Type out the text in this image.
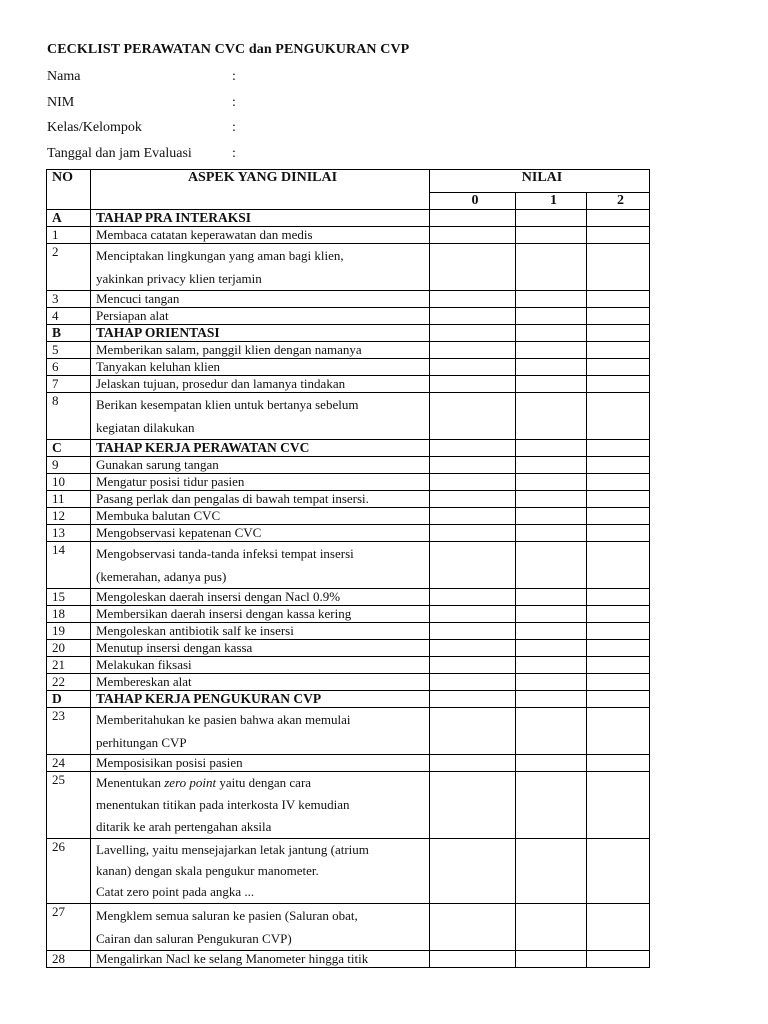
CECKLIST PERAWATAN CVC dan PENGUKURAN CVP
Nama	:
NIM	:
Kelas/Kelompok	:
Tanggal dan jam Evaluasi	:
NO	ASPEK YANG DINILAI	NILAI		
		0	1	2
A	TAHAP PRA INTERAKSI			

1	Membaca catatan keperawatan dan medis			

2	Menciptakan lingkungan yang aman bagi klien,
yakinkan privacy klien terjamin			

3	Mencuci tangan			

4	Persiapan alat			

B	TAHAP ORIENTASI			

5	Memberikan salam, panggil klien dengan namanya			

6	Tanyakan keluhan klien			

7	Jelaskan tujuan, prosedur dan lamanya tindakan			

8	Berikan kesempatan klien untuk bertanya sebelum
kegiatan dilakukan			

C	TAHAP KERJA PERAWATAN CVC			

9	Gunakan sarung tangan			

10	Mengatur posisi tidur pasien			

11	Pasang perlak dan pengalas di bawah tempat insersi.			

12	Membuka balutan CVC			

13	Mengobservasi kepatenan CVC			

14	Mengobservasi tanda-tanda infeksi tempat insersi
(kemerahan, adanya pus)			

15	Mengoleskan daerah insersi dengan Nacl 0.9%			

18	Membersikan daerah insersi dengan kassa kering			

19	Mengoleskan antibiotik salf ke insersi			

20	Menutup insersi dengan kassa			

21	Melakukan fiksasi			

22	Membereskan alat			

D	TAHAP KERJA PENGUKURAN CVP			

23	Memberitahukan ke pasien bahwa akan memulai
perhitungan CVP			

24	Memposisikan posisi pasien			

25	Menentukan zero point yaitu dengan cara
menentukan titikan pada interkosta IV kemudian
ditarik ke arah pertengahan aksila			

26	Lavelling, yaitu mensejajarkan letak jantung (atrium
kanan) dengan skala pengukur manometer.
Catat zero point pada angka ...			

27	Mengklem semua saluran ke pasien (Saluran obat,
Cairan dan saluran Pengukuran CVP)			

28	Mengalirkan Nacl ke selang Manometer hingga titik			
